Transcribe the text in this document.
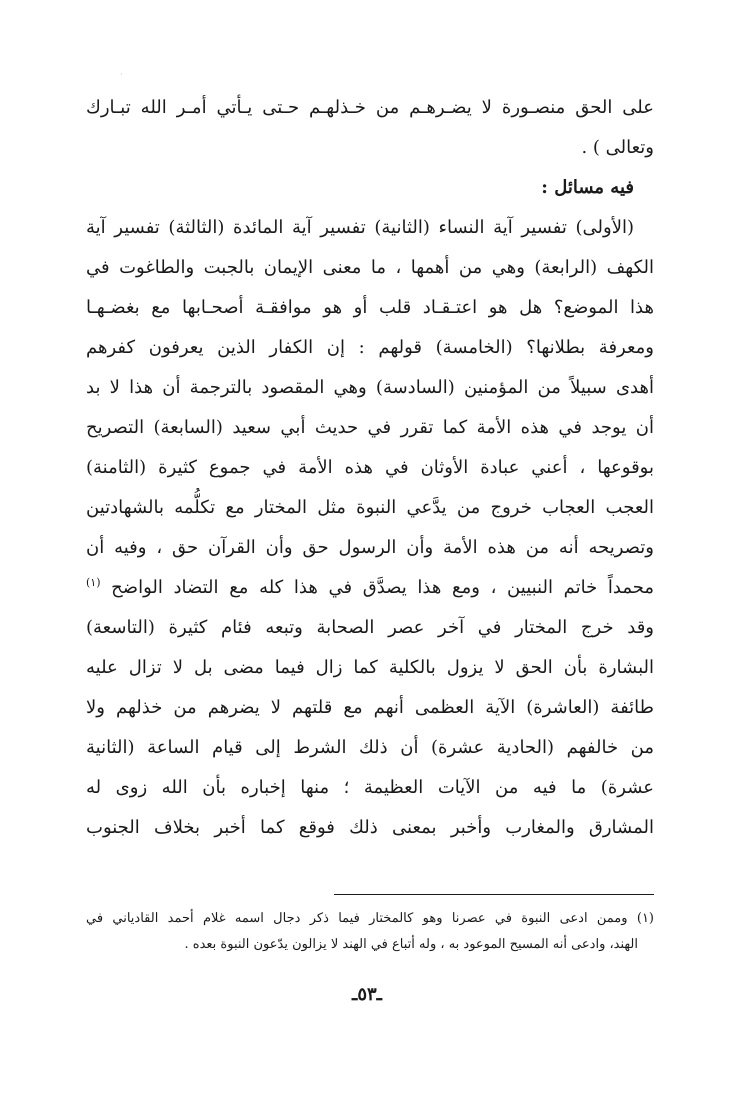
·
على الحق منصـورة لا يضـرهـم من خـذلهـم حـتى يـأتي أمـر الله تبـارك
وتعالى ) .
فيه مسائل :
(الأولى) تفسير آية النساء (الثانية) تفسير آية المائدة (الثالثة) تفسير آية
الكهف (الرابعة) وهي من أهمها ، ما معنى الإيمان بالجبت والطاغوت في
هذا الموضع؟ هل هو اعتـقـاد قلب أو هو موافقـة أصحـابها مع بغضـهـا
ومعرفة بطلانها؟ (الخامسة) قولهم : إن الكفار الذين يعرفون كفرهم
أهدى سبيلاً من المؤمنين (السادسة) وهي المقصود بالترجمة أن هذا لا بد
أن يوجد في هذه الأمة كما تقرر في حديث أبي سعيد (السابعة) التصريح
بوقوعها ، أعني عبادة الأوثان في هذه الأمة في جموع كثيرة (الثامنة)
العجب العجاب خروج من يدَّعي النبوة مثل المختار مع تكلُّمه بالشهادتين
وتصريحه أنه من هذه الأمة وأن الرسول حق وأن القرآن حق ، وفيه أن
محمداً خاتم النبيين ، ومع هذا يصدَّق في هذا كله مع التضاد الواضح $^{(١)}$
وقد خرج المختار في آخر عصر الصحابة وتبعه فئام كثيرة (التاسعة)
البشارة بأن الحق لا يزول بالكلية كما زال فيما مضى بل لا تزال عليه
طائفة (العاشرة) الآية العظمى أنهم مع قلتهم لا يضرهم من خذلهم ولا
من خالفهم (الحادية عشرة) أن ذلك الشرط إلى قيام الساعة (الثانية
عشرة) ما فيه من الآيات العظيمة ؛ منها إخباره بأن الله زوى له
المشارق والمغارب وأخبر بمعنى ذلك فوقع كما أخبر بخلاف الجنوب
(١) وممن ادعى النبوة في عصرنا وهو كالمختار فيما ذكر دجال اسمه غلام أحمد القادياني في
الهند، وادعى أنه المسيح الموعود به ، وله أتباع في الهند لا يزالون يدّعون النبوة بعده .
ـ٥٣ـ
